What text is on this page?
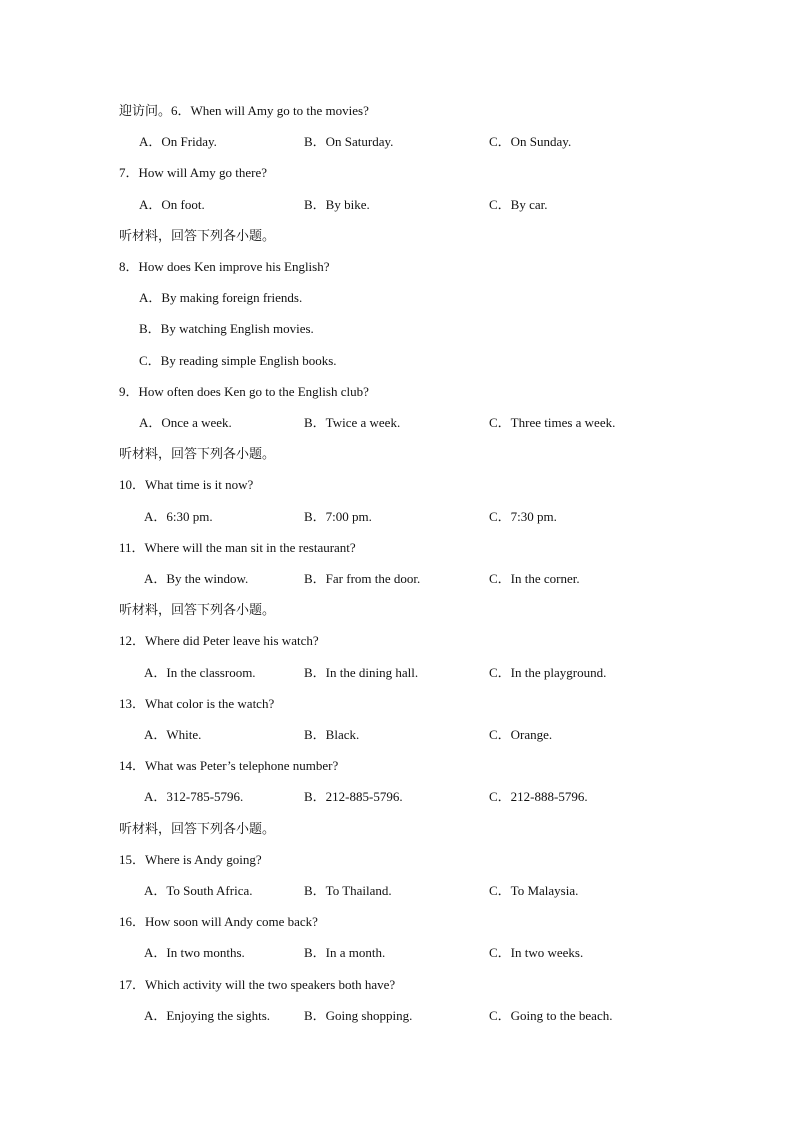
迎访问。6．When will Amy go to the movies?
A．On Friday.	B．On Saturday.	C．On Sunday.
7．How will Amy go there?
A．On foot.	B．By bike.	C．By car.
听材料，回答下列各小题。
8．How does Ken improve his English?
A．By making foreign friends.
B．By watching English movies.
C．By reading simple English books.
9．How often does Ken go to the English club?
A．Once a week.	B．Twice a week.	C．Three times a week.
听材料，回答下列各小题。
10．What time is it now?
A．6:30 pm.	B．7:00 pm.	C．7:30 pm.
11．Where will the man sit in the restaurant?
A．By the window.	B．Far from the door.	C．In the corner.
听材料，回答下列各小题。
12．Where did Peter leave his watch?
A．In the classroom.	B．In the dining hall.	C．In the playground.
13．What color is the watch?
A．White.	B．Black.	C．Orange.
14．What was Peter’s telephone number?
A．312-785-5796.	B．212-885-5796.	C．212-888-5796.
听材料，回答下列各小题。
15．Where is Andy going?
A．To South Africa.	B．To Thailand.	C．To Malaysia.
16．How soon will Andy come back?
A．In two months.	B．In a month.	C．In two weeks.
17．Which activity will the two speakers both have?
A．Enjoying the sights.	B．Going shopping.	C．Going to the beach.
